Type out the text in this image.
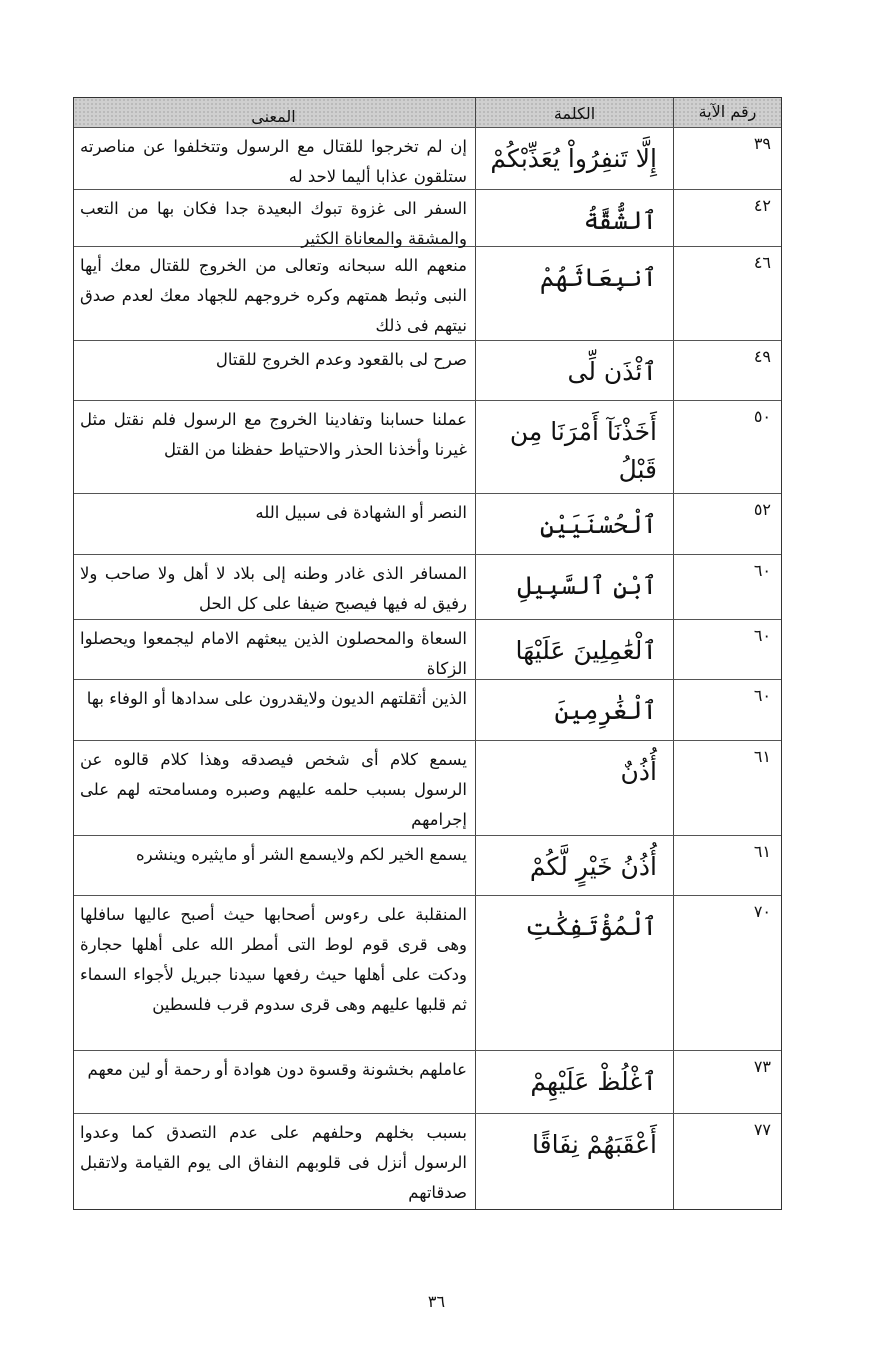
رقم الآية
الكلمة
المعنى
٣٩
إِلَّا تَنفِرُواْ يُعَذِّبْكُمْ
إن لم تخرجوا للقتال مع الرسول وتتخلفوا عن مناصرته ستلقون عذابا أليما لاحد له
٤٢
ٱلشُّقَّةُ
السفر الى غزوة تبوك البعيدة جدا فكان بها من التعب والمشقة والمعاناة الكثير
٤٦
ٱنبِعَاثَهُمْ
منعهم الله سبحانه وتعالى من الخروج للقتال معك أيها النبى وثبط همتهم وكره خروجهم للجهاد معك لعدم صدق نيتهم فى ذلك
٤٩
ٱئْذَن لِّى
صرح لى بالقعود وعدم الخروج للقتال
٥٠
أَخَذْنَآ أَمْرَنَا مِن قَبْلُ
عملنا حسابنا وتفادينا الخروج مع الرسول فلم نقتل مثل غيرنا وأخذنا الحذر والاحتياط حفظنا من القتل
٥٢
ٱلْحُسْنَيَيْنِ
النصر أو الشهادة فى سبيل الله
٦٠
ٱبْنِ ٱلسَّبِيلِ
المسافر الذى غادر وطنه إلى بلاد لا أهل ولا صاحب ولا رفيق له فيها فيصبح ضيفا على كل الحل
٦٠
ٱلْعَٰمِلِينَ عَلَيْهَا
السعاة والمحصلون الذين يبعثهم الامام ليجمعوا ويحصلوا الزكاة
٦٠
ٱلْغَٰرِمِينَ
الذين أثقلتهم الديون ولايقدرون على سدادها أو الوفاء بها
٦١
أُذُنٌ
يسمع كلام أى شخص فيصدقه وهذا كلام قالوه عن الرسول بسبب حلمه عليهم وصبره ومسامحته لهم على إجرامهم
٦١
أُذُنُ خَيْرٍ لَّكُمْ
يسمع الخير لكم ولايسمع الشر أو مايثيره وينشره
٧٠
ٱلْمُؤْتَفِكَٰتِ
المنقلبة على رءوس أصحابها حيث أصبح عاليها سافلها وهى قرى قوم لوط التى أمطر الله على أهلها حجارة ودكت على أهلها حيث رفعها سيدنا جبريل لأجواء السماء ثم قلبها عليهم وهى قرى سدوم قرب فلسطين
٧٣
ٱغْلُظْ عَلَيْهِمْ
عاملهم بخشونة وقسوة دون هوادة أو رحمة أو لين معهم
٧٧
أَعْقَبَهُمْ نِفَاقًا
بسبب بخلهم وحلفهم على عدم التصدق كما وعدوا الرسول أنزل فى قلوبهم النفاق الى يوم القيامة ولاتقبل صدقاتهم
٣٦
